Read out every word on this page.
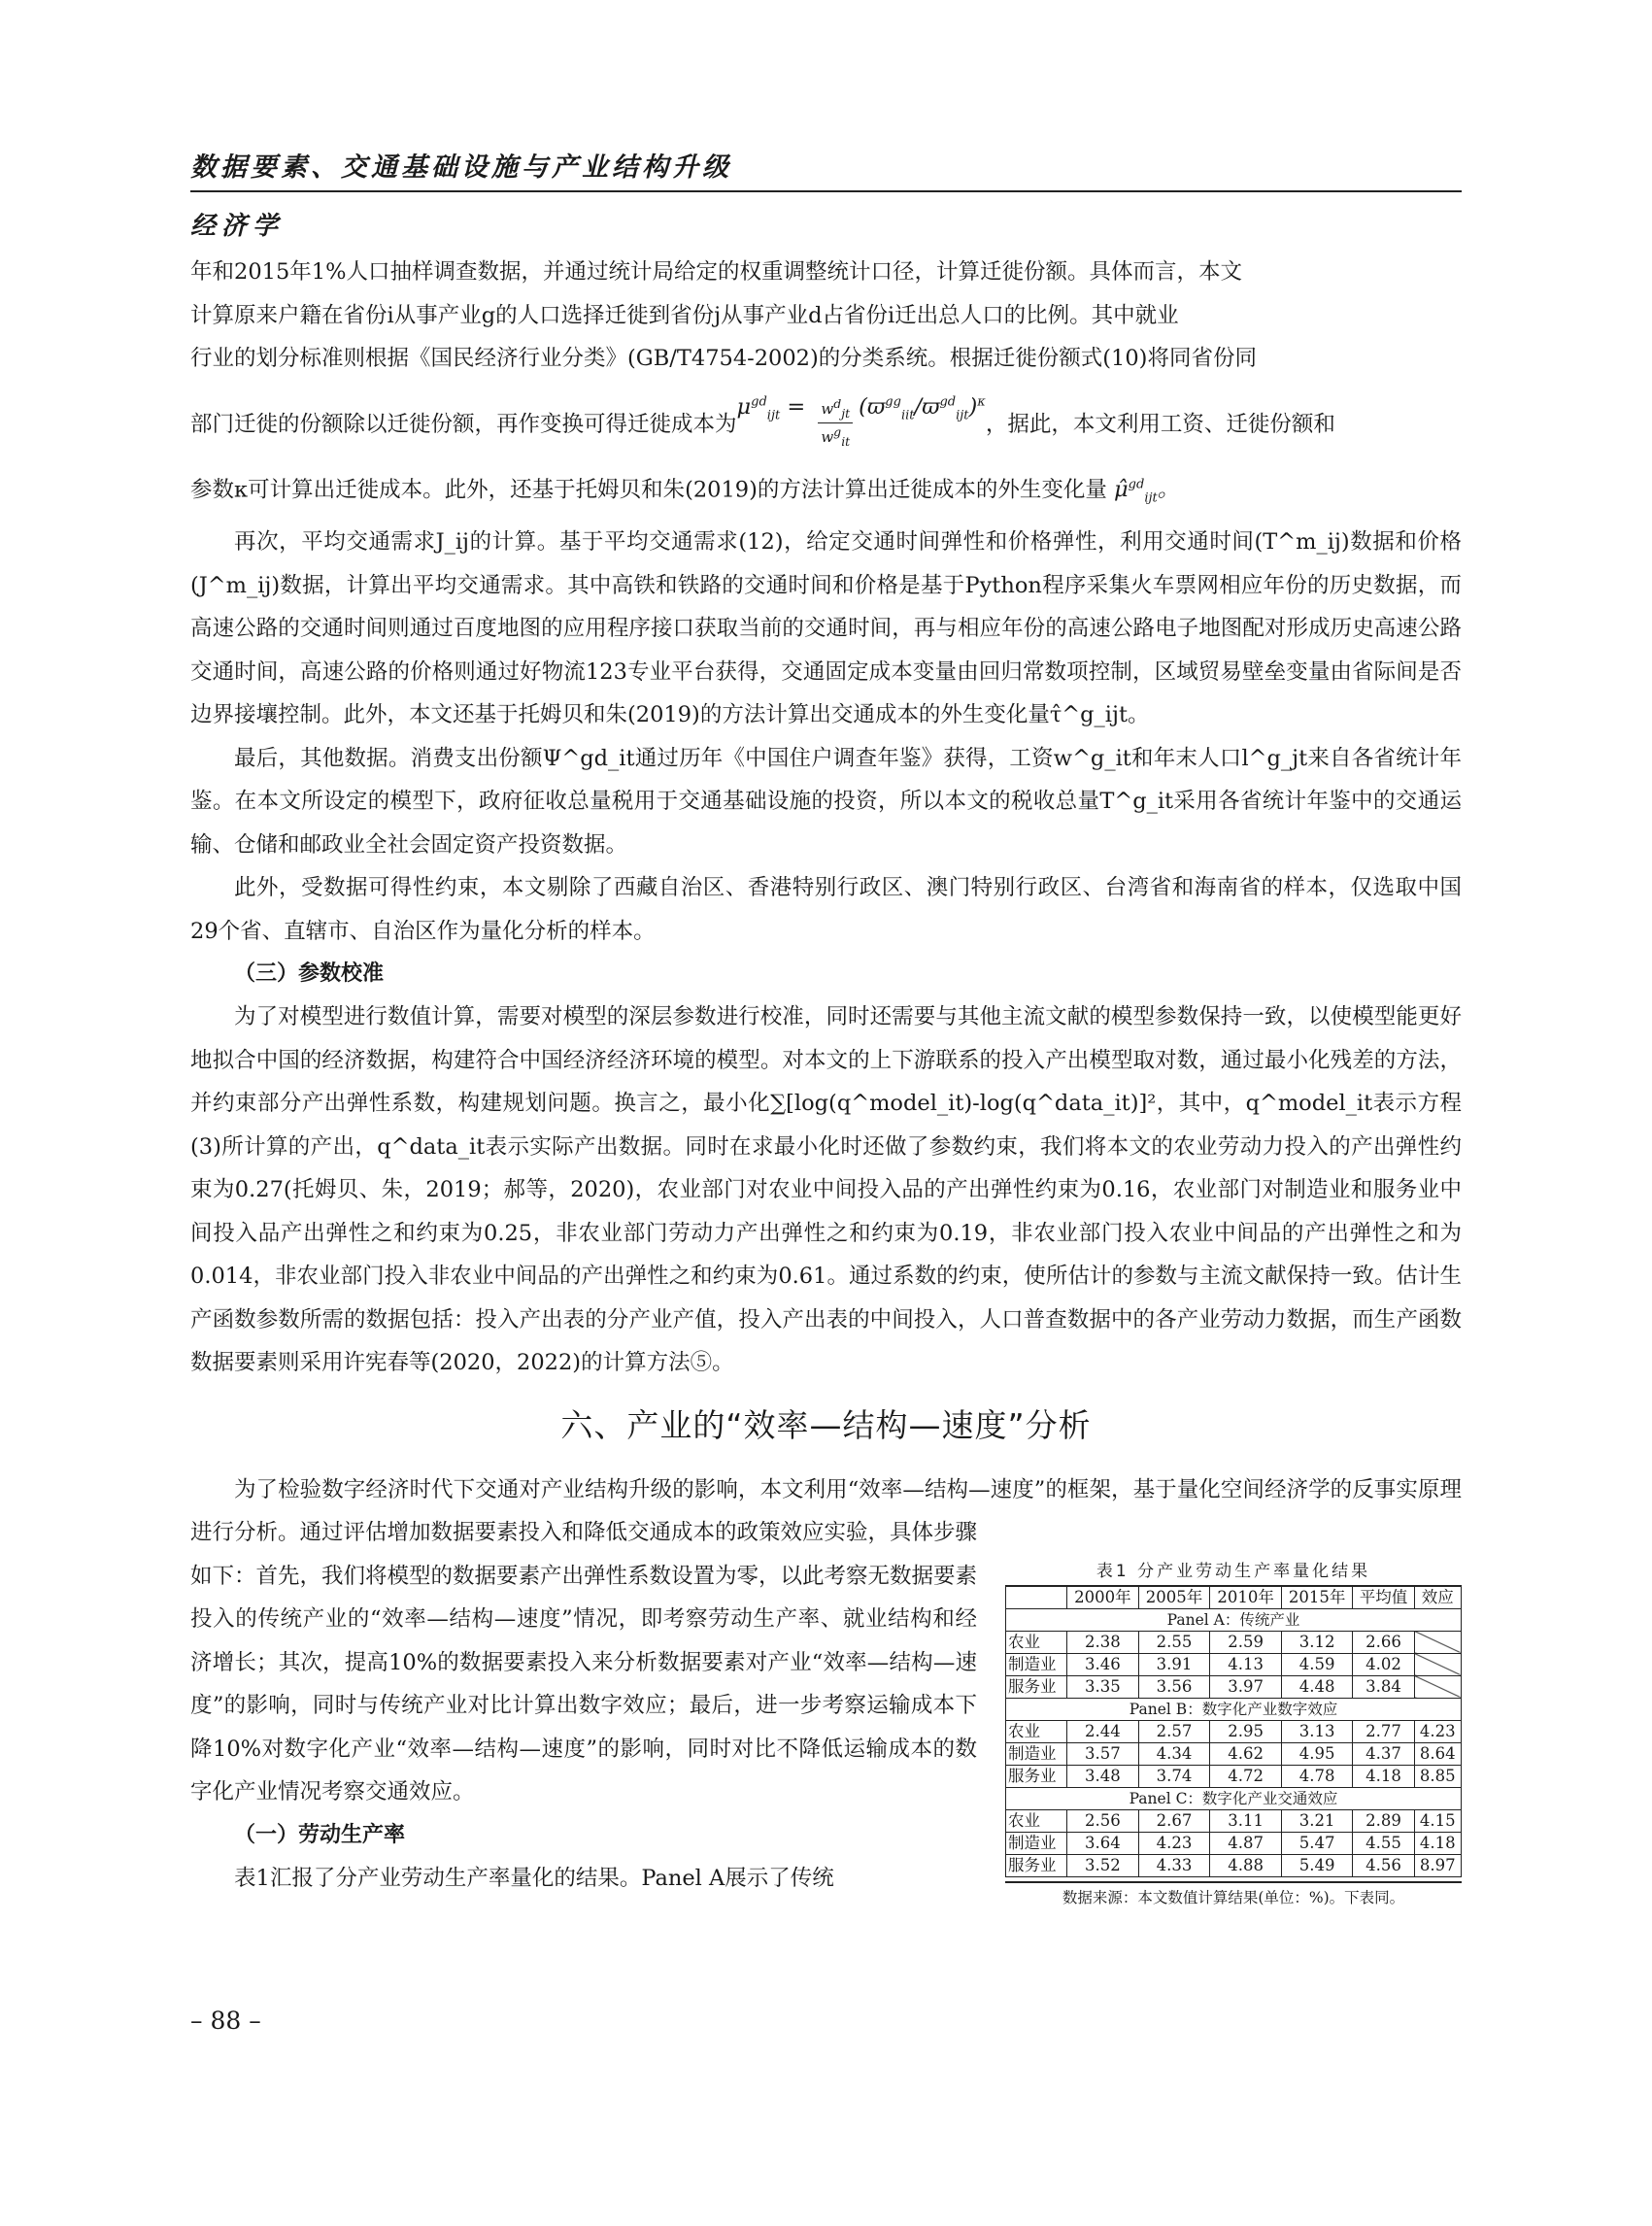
数据要素、交通基础设施与产业结构升级
经济学

年和2015年1%人口抽样调查数据，并通过统计局给定的权重调整统计口径，计算迁徙份额。具体而言，本文

计算原来户籍在省份i从事产业g的人口选择迁徙到省份j从事产业d占省份i迁出总人口的比例。其中就业

行业的划分标准则根据《国民经济行业分类》(GB/T4754-2002)的分类系统。根据迁徙份额式(10)将同省份同

部门迁徙的份额除以迁徙份额，再作变换可得迁徙成本为
$\mu^{gd}_{ijt} = \frac{w^d_{jt}}{w^g_{it}} (ϖ^{gg}_{iit}/ϖ^{gd}_{ijt})^\kappa$
，据此，本文利用工资、迁徙份额和

参数κ可计算出迁徙成本。此外，还基于托姆贝和朱(2019)的方法计算出迁徙成本的外生变化量 μ̂$^{gd}_{ijt}$。

再次，平均交通需求J_ij的计算。基于平均交通需求(12)，给定交通时间弹性和价格弹性，利用交通时间(T^m_ij)数据和价格(J^m_ij)数据，计算出平均交通需求。其中高铁和铁路的交通时间和价格是基于Python程序采集火车票网相应年份的历史数据，而高速公路的交通时间则通过百度地图的应用程序接口获取当前的交通时间，再与相应年份的高速公路电子地图配对形成历史高速公路交通时间，高速公路的价格则通过好物流123专业平台获得，交通固定成本变量由回归常数项控制，区域贸易壁垒变量由省际间是否边界接壤控制。此外，本文还基于托姆贝和朱(2019)的方法计算出交通成本的外生变化量τ̂^g_ijt。

最后，其他数据。消费支出份额Ψ^gd_it通过历年《中国住户调查年鉴》获得，工资w^g_it和年末人口l^g_jt来自各省统计年鉴。在本文所设定的模型下，政府征收总量税用于交通基础设施的投资，所以本文的税收总量T^g_it采用各省统计年鉴中的交通运输、仓储和邮政业全社会固定资产投资数据。

此外，受数据可得性约束，本文剔除了西藏自治区、香港特别行政区、澳门特别行政区、台湾省和海南省的样本，仅选取中国29个省、直辖市、自治区作为量化分析的样本。

（三）参数校准

为了对模型进行数值计算，需要对模型的深层参数进行校准，同时还需要与其他主流文献的模型参数保持一致，以使模型能更好地拟合中国的经济数据，构建符合中国经济经济环境的模型。对本文的上下游联系的投入产出模型取对数，通过最小化残差的方法，并约束部分产出弹性系数，构建规划问题。换言之，最小化∑[log(q^model_it)-log(q^data_it)]²，其中，q^model_it表示方程(3)所计算的产出，q^data_it表示实际产出数据。同时在求最小化时还做了参数约束，我们将本文的农业劳动力投入的产出弹性约束为0.27(托姆贝、朱，2019；郝等，2020)，农业部门对农业中间投入品的产出弹性约束为0.16，农业部门对制造业和服务业中间投入品产出弹性之和约束为0.25，非农业部门劳动力产出弹性之和约束为0.19，非农业部门投入农业中间品的产出弹性之和为0.014，非农业部门投入非农业中间品的产出弹性之和约束为0.61。通过系数的约束，使所估计的参数与主流文献保持一致。估计生产函数参数所需的数据包括：投入产出表的分产业产值，投入产出表的中间投入，人口普查数据中的各产业劳动力数据，而生产函数数据要素则采用许宪春等(2020，2022)的计算方法⑤。

六、产业的“效率—结构—速度”分析

为了检验数字经济时代下交通对产业结构升级的影响，本文利用“效率—结构—速度”的框架，基于量化空间经济学的反事实原理进行分析。通过评估增加数据要素投入和降低交通成本的政策效应实验，具体步骤

如下：首先，我们将模型的数据要素产出弹性系数设置为零，以此考察无数据要素投入的传统产业的“效率—结构—速度”情况，即考察劳动生产率、就业结构和经济增长；其次，提高10%的数据要素投入来分析数据要素对产业“效率—结构—速度”的影响，同时与传统产业对比计算出数字效应；最后，进一步考察运输成本下降10%对数字化产业“效率—结构—速度”的影响，同时对比不降低运输成本的数字化产业情况考察交通效应。

（一）劳动生产率

表1汇报了分产业劳动生产率量化的结果。Panel A展示了传统

表1 分产业劳动生产率量化结果
	2000年	2005年	2010年	2015年	平均值	效应
Panel A：传统产业						
农业	2.38	2.55	2.59	3.12	2.66	
制造业	3.46	3.91	4.13	4.59	4.02	
服务业	3.35	3.56	3.97	4.48	3.84	
Panel B：数字化产业数字效应						
农业	2.44	2.57	2.95	3.13	2.77	4.23
制造业	3.57	4.34	4.62	4.95	4.37	8.64
服务业	3.48	3.74	4.72	4.78	4.18	8.85
Panel C：数字化产业交通效应						
农业	2.56	2.67	3.11	3.21	2.89	4.15
制造业	3.64	4.23	4.87	5.47	4.55	4.18
服务业	3.52	4.33	4.88	5.49	4.56	8.97
数据来源：本文数值计算结果(单位：%)。下表同。
– 88 –
